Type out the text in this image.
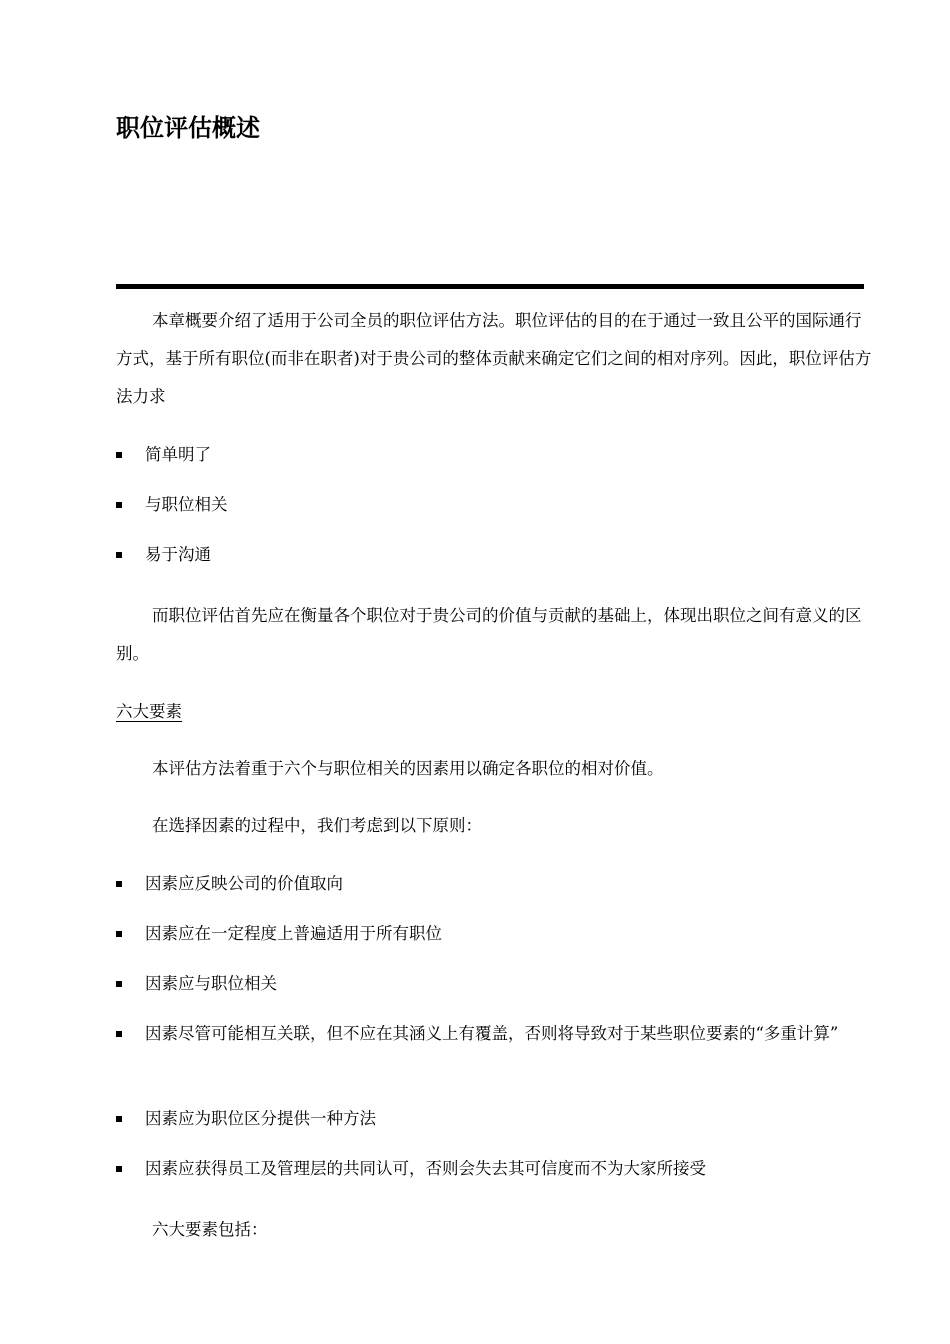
职位评估概述

本章概要介绍了适用于公司全员的职位评估方法。职位评估的目的在于通过一致且公平的国际通行方式，基于所有职位(而非在职者)对于贵公司的整体贡献来确定它们之间的相对序列。因此，职位评估方法力求

简单明了
与职位相关
易于沟通

而职位评估首先应在衡量各个职位对于贵公司的价值与贡献的基础上，体现出职位之间有意义的区别。

六大要素

本评估方法着重于六个与职位相关的因素用以确定各职位的相对价值。

在选择因素的过程中，我们考虑到以下原则：

因素应反映公司的价值取向
因素应在一定程度上普遍适用于所有职位
因素应与职位相关
因素尽管可能相互关联，但不应在其涵义上有覆盖，否则将导致对于某些职位要素的“多重计算”
因素应为职位区分提供一种方法
因素应获得员工及管理层的共同认可，否则会失去其可信度而不为大家所接受

六大要素包括：
